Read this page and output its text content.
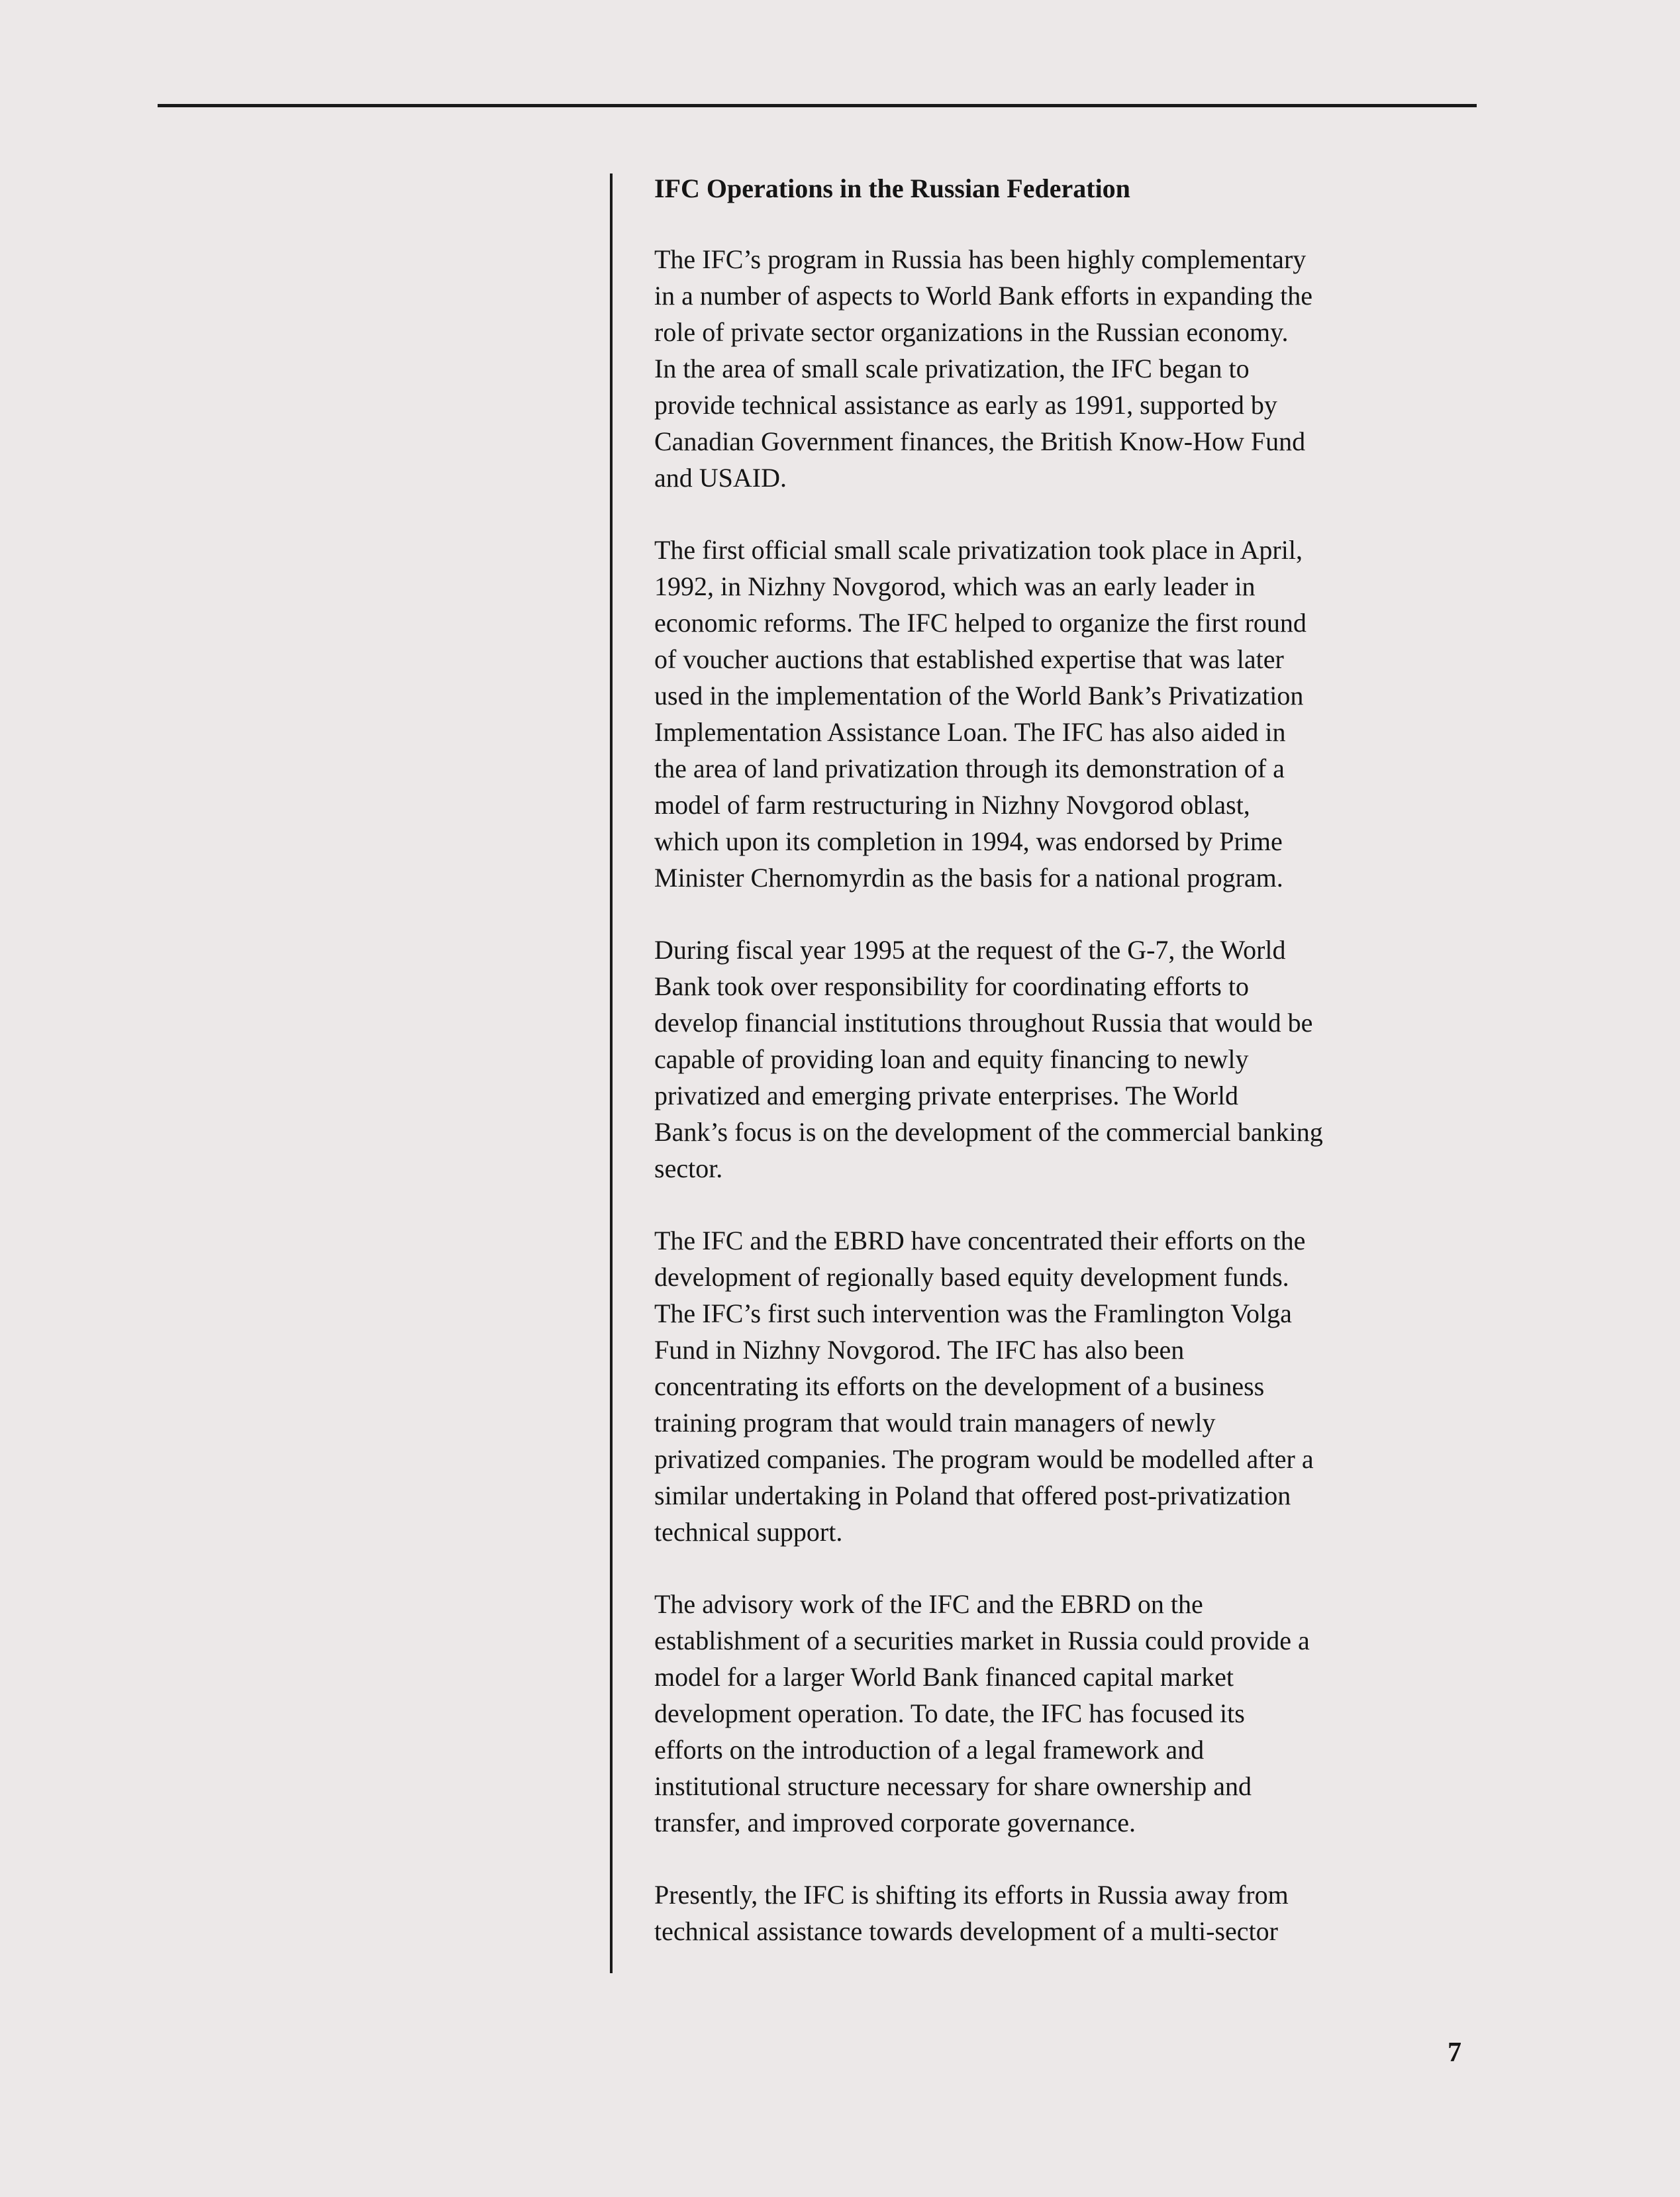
IFC Operations in the Russian Federation
The IFC’s program in Russia has been highly complementary
in a number of aspects to World Bank efforts in expanding the
role of private sector organizations in the Russian economy.
In the area of small scale privatization, the IFC began to
provide technical assistance as early as 1991, supported by
Canadian Government finances, the British Know-How Fund
and USAID.
The first official small scale privatization took place in April,
1992, in Nizhny Novgorod, which was an early leader in
economic reforms. The IFC helped to organize the first round
of voucher auctions that established expertise that was later
used in the implementation of the World Bank’s Privatization
Implementation Assistance Loan. The IFC has also aided in
the area of land privatization through its demonstration of a
model of farm restructuring in Nizhny Novgorod oblast,
which upon its completion in 1994, was endorsed by Prime
Minister Chernomyrdin as the basis for a national program.
During fiscal year 1995 at the request of the G-7, the World
Bank took over responsibility for coordinating efforts to
develop financial institutions throughout Russia that would be
capable of providing loan and equity financing to newly
privatized and emerging private enterprises. The World
Bank’s focus is on the development of the commercial banking
sector.
The IFC and the EBRD have concentrated their efforts on the
development of regionally based equity development funds.
The IFC’s first such intervention was the Framlington Volga
Fund in Nizhny Novgorod. The IFC has also been
concentrating its efforts on the development of a business
training program that would train managers of newly
privatized companies. The program would be modelled after a
similar undertaking in Poland that offered post-privatization
technical support.
The advisory work of the IFC and the EBRD on the
establishment of a securities market in Russia could provide a
model for a larger World Bank financed capital market
development operation. To date, the IFC has focused its
efforts on the introduction of a legal framework and
institutional structure necessary for share ownership and
transfer, and improved corporate governance.
Presently, the IFC is shifting its efforts in Russia away from
technical assistance towards development of a multi-sector
7
